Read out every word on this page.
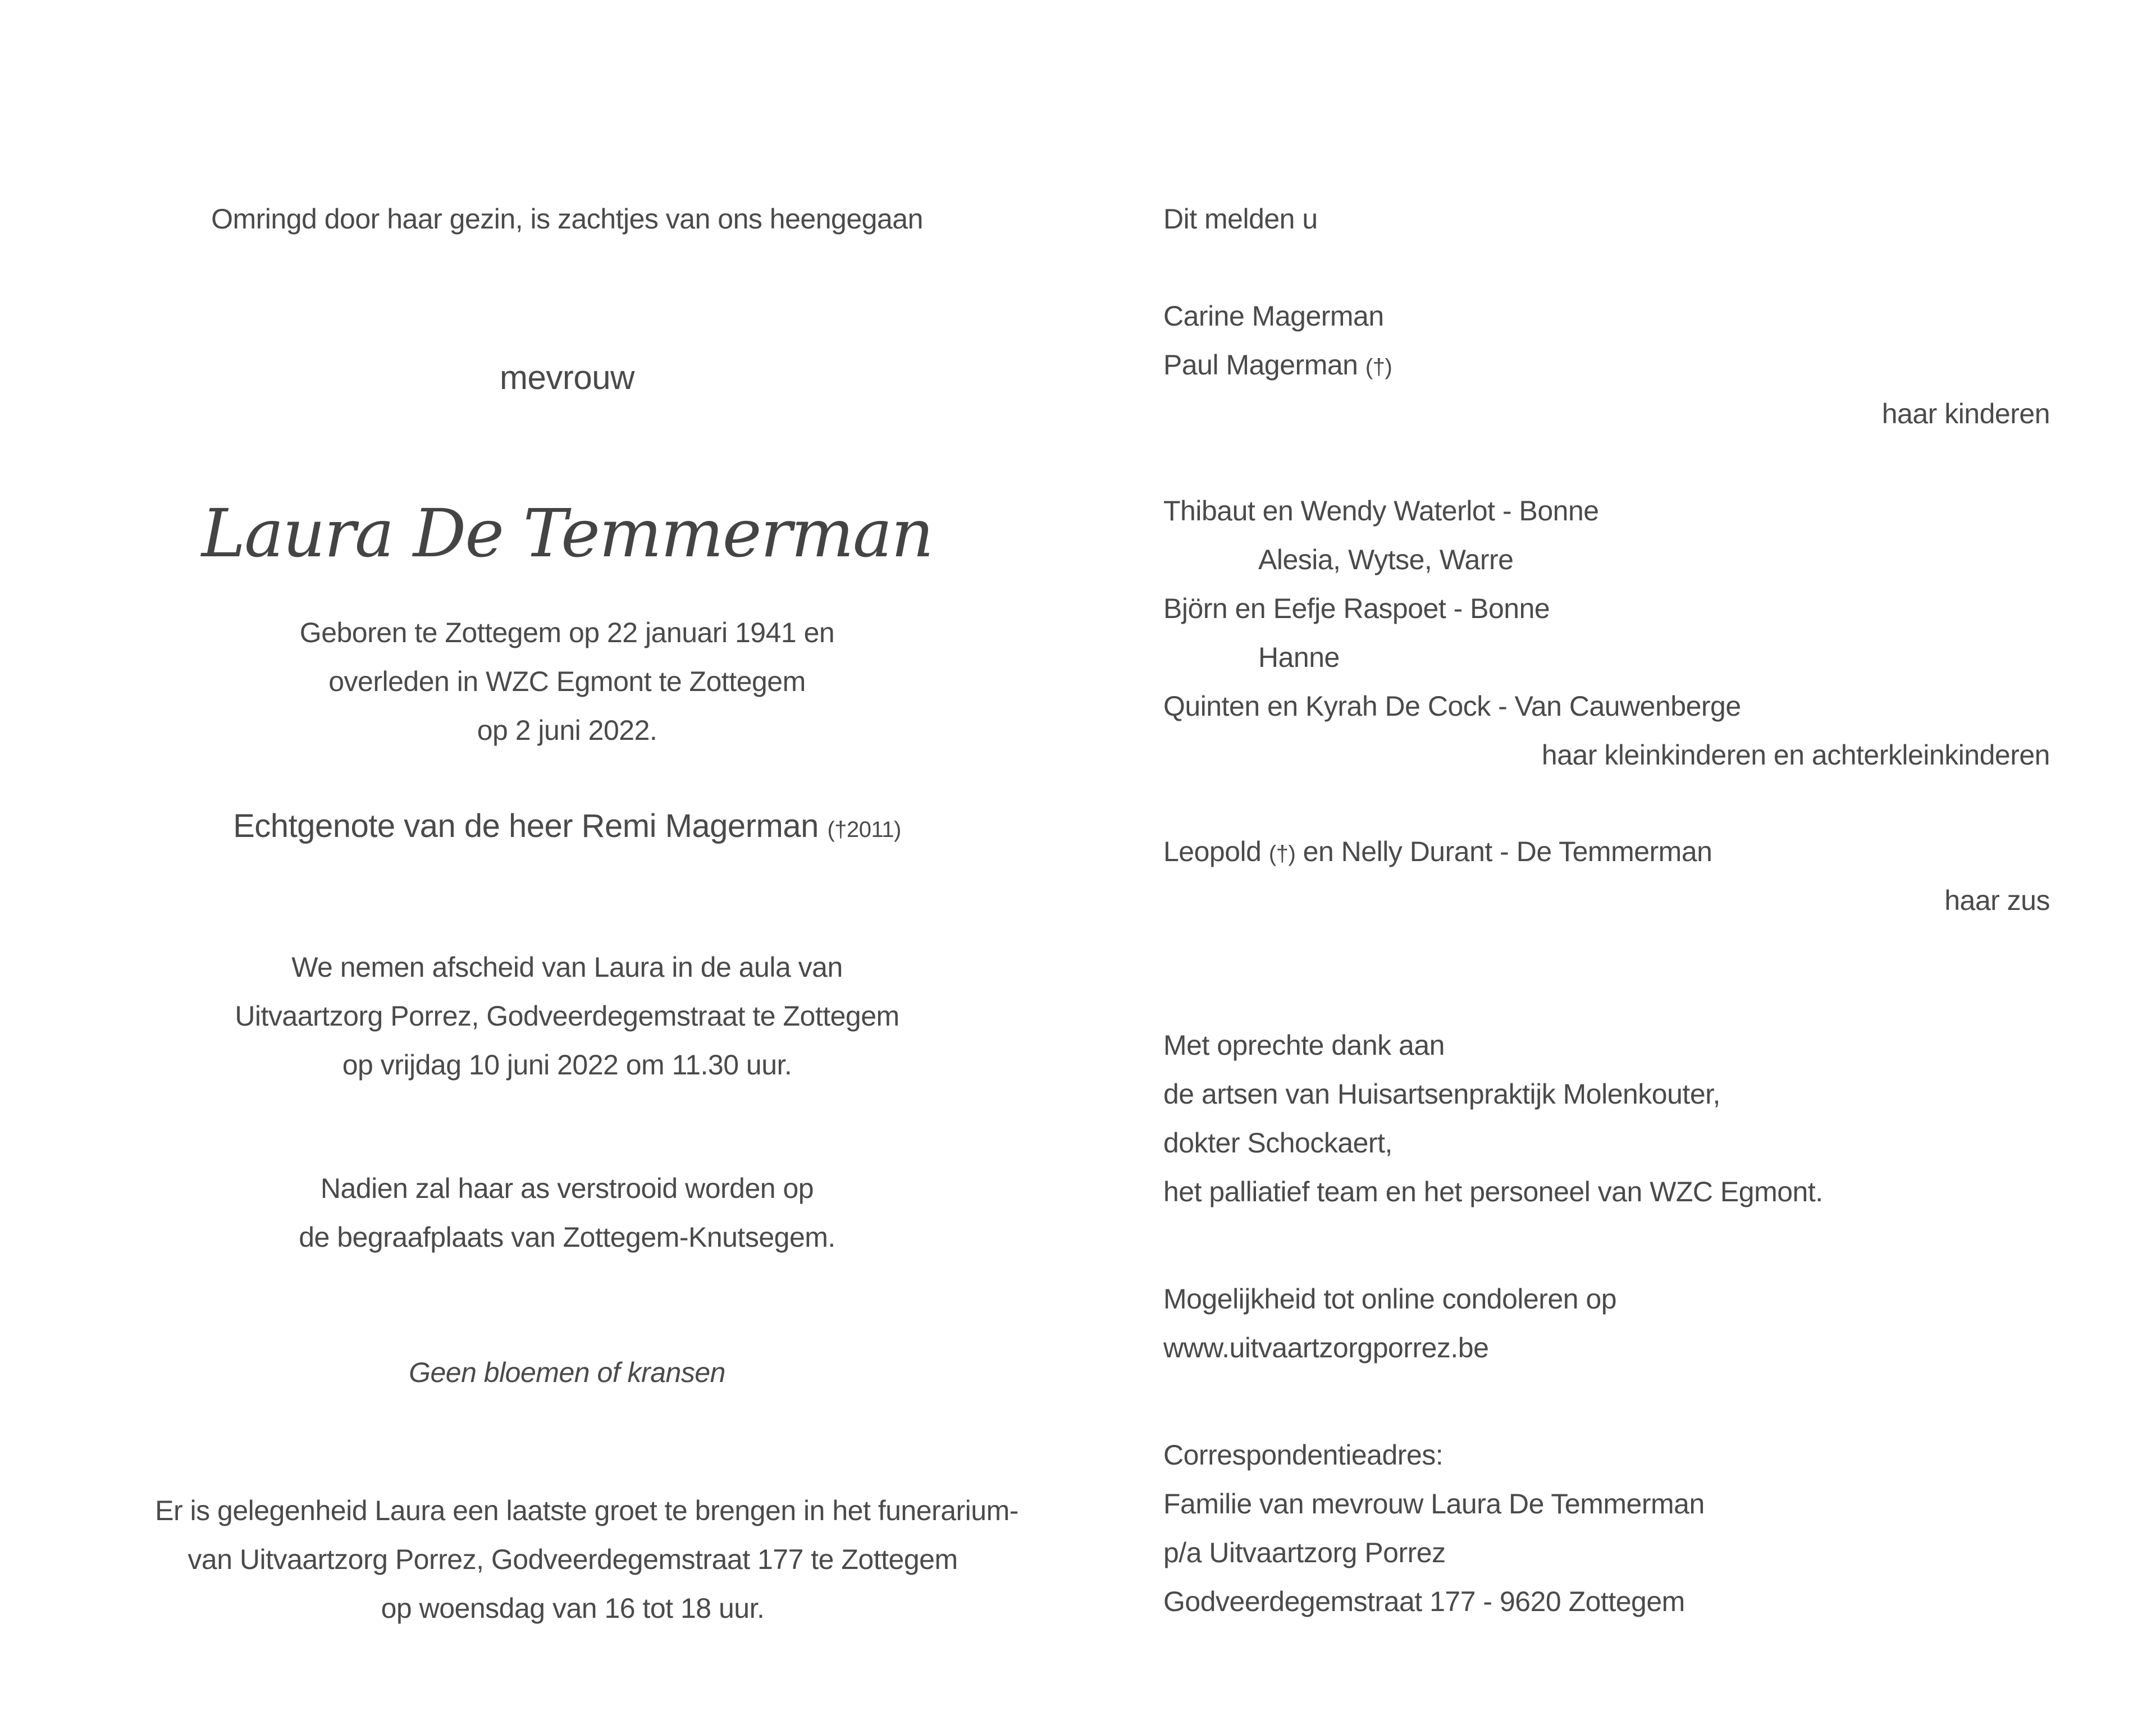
Omringd door haar gezin, is zachtjes van ons heengegaan
mevrouw
Laura De Temmerman
Geboren te Zottegem op 22 januari 1941 en
overleden in WZC Egmont te Zottegem
op 2 juni 2022.
Echtgenote van de heer Remi Magerman (†2011)
We nemen afscheid van Laura in de aula van
Uitvaartzorg Porrez, Godveerdegemstraat te Zottegem
op vrijdag 10 juni 2022 om 11.30 uur.
Nadien zal haar as verstrooid worden op
de begraafplaats van Zottegem-Knutsegem.
Geen bloemen of kransen
Er is gelegenheid Laura een laatste groet te brengen in het funerarium-
van Uitvaartzorg Porrez, Godveerdegemstraat 177 te Zottegem
op woensdag van 16 tot 18 uur.
Dit melden u
Carine Magerman
Paul Magerman (†)
haar kinderen
Thibaut en Wendy Waterlot - Bonne
Alesia, Wytse, Warre
Björn en Eefje Raspoet - Bonne
Hanne
Quinten en Kyrah De Cock - Van Cauwenberge
haar kleinkinderen en achterkleinkinderen
Leopold (†) en Nelly Durant - De Temmerman
haar zus
Met oprechte dank aan
de artsen van Huisartsenpraktijk Molenkouter,
dokter Schockaert,
het palliatief team en het personeel van WZC Egmont.
Mogelijkheid tot online condoleren op
www.uitvaartzorgporrez.be
Correspondentieadres:
Familie van mevrouw Laura De Temmerman
p/a Uitvaartzorg Porrez
Godveerdegemstraat 177 - 9620 Zottegem
